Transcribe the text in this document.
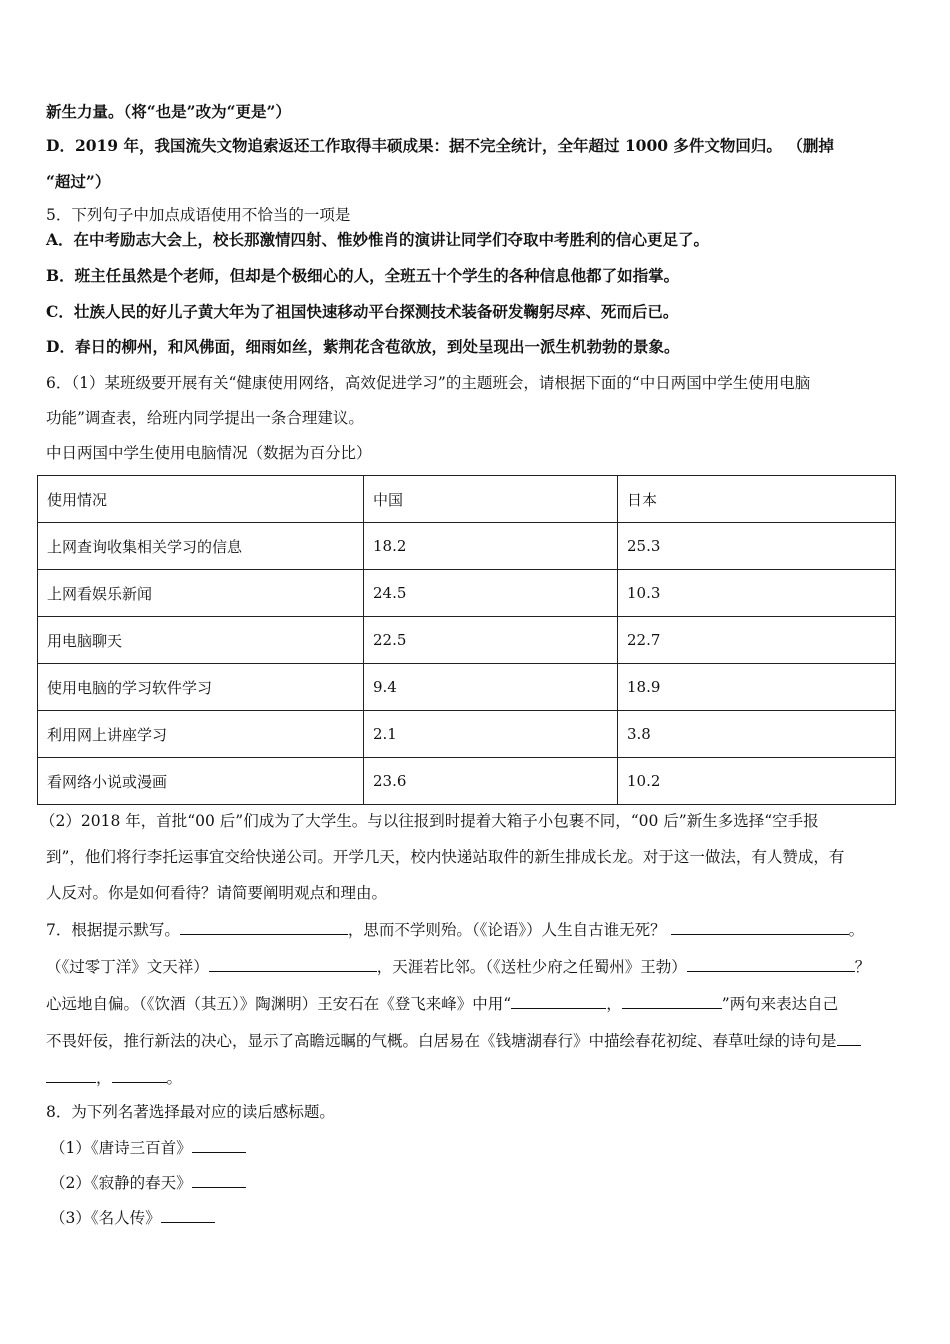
新生力量。（将“也是”改为“更是”）
D．2019 年，我国流失文物追索返还工作取得丰硕成果：据不完全统计，全年超过 1000 多件文物回归。 （删掉
“超过”）
5．下列句子中加点成语使用不恰当的一项是
A．在中考励志大会上，校长那激情四射、惟妙惟肖的演讲让同学们夺取中考胜利的信心更足了。
B．班主任虽然是个老师，但却是个极细心的人，全班五十个学生的各种信息他都了如指掌。
C．壮族人民的好儿子黄大年为了祖国快速移动平台探测技术装备研发鞠躬尽瘁、死而后已。
D．春日的柳州，和风佛面，细雨如丝，紫荆花含苞欲放，到处呈现出一派生机勃勃的景象。
6．（1）某班级要开展有关“健康使用网络，高效促进学习”的主题班会，请根据下面的“中日两国中学生使用电脑
功能”调查表，给班内同学提出一条合理建议。
中日两国中学生使用电脑情况（数据为百分比）
使用情况	中国	日本
上网查询收集相关学习的信息	18.2	25.3
上网看娱乐新闻	24.5	10.3
用电脑聊天	22.5	22.7
使用电脑的学习软件学习	9.4	18.9
利用网上讲座学习	2.1	3.8
看网络小说或漫画	23.6	10.2
（2）2018 年，首批“00 后”们成为了大学生。与以往报到时提着大箱子小包裹不同，“00 后”新生多选择“空手报
到”，他们将行李托运事宜交给快递公司。开学几天，校内快递站取件的新生排成长龙。对于这一做法，有人赞成，有
人反对。你是如何看待？请简要阐明观点和理由。
7．根据提示默写。	，思而不学则殆。（《论语》）人生自古谁无死？	。
（《过零丁洋》文天祥）	，天涯若比邻。（《送杜少府之任蜀州》王勃）	？
心远地自偏。（《饮酒（其五）》陶渊明）王安石在《登飞来峰》中用“	，	”两句来表达自己
不畏奸佞，推行新法的决心，显示了高瞻远瞩的气概。白居易在《钱塘湖春行》中描绘春花初绽、春草吐绿的诗句是
，	。
8．为下列名著选择最对应的读后感标题。
（1）《唐诗三百首》
（2）《寂静的春天》
（3）《名人传》
